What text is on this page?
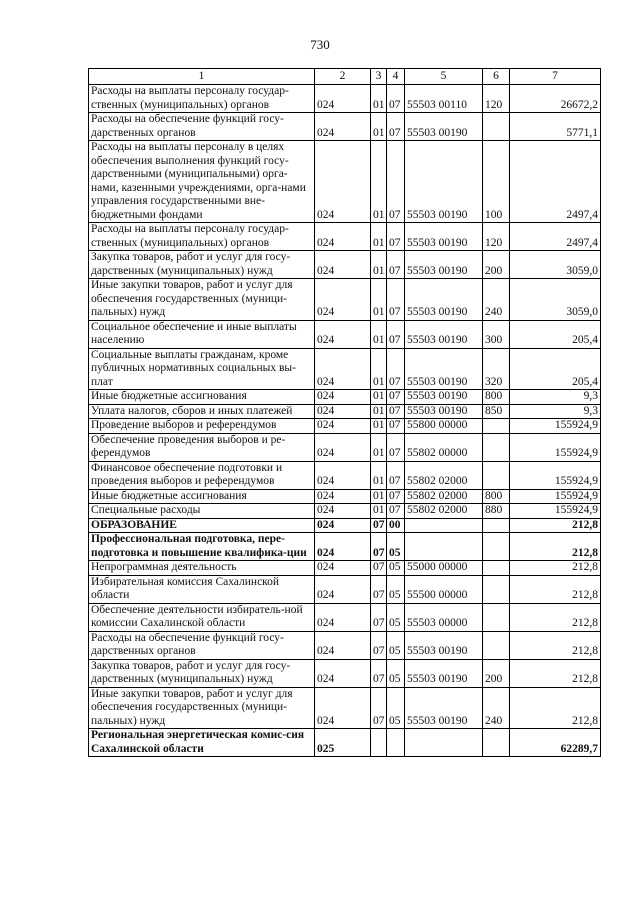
730
1	2	3	4	5	6	7
Расходы на выплаты персоналу государ-ственных (муниципальных) органов	024	01	07	55503 00110	120	26672,2
Расходы на обеспечение функций госу-дарственных органов	024	01	07	55503 00190		5771,1
Расходы на выплаты персоналу в целях обеспечения выполнения функций госу-дарственными (муниципальными) орга-нами, казенными учреждениями, орга-нами управления государственными вне-бюджетными фондами	024	01	07	55503 00190	100	2497,4
Расходы на выплаты персоналу государ-ственных (муниципальных) органов	024	01	07	55503 00190	120	2497,4
Закупка товаров, работ и услуг для госу-дарственных (муниципальных) нужд	024	01	07	55503 00190	200	3059,0
Иные закупки товаров, работ и услуг для обеспечения государственных (муници-пальных) нужд	024	01	07	55503 00190	240	3059,0
Социальное обеспечение и иные выплаты населению	024	01	07	55503 00190	300	205,4
Социальные выплаты гражданам, кроме публичных нормативных социальных вы-плат	024	01	07	55503 00190	320	205,4
Иные бюджетные ассигнования	024	01	07	55503 00190	800	9,3
Уплата налогов, сборов и иных платежей	024	01	07	55503 00190	850	9,3
Проведение выборов и референдумов	024	01	07	55800 00000		155924,9
Обеспечение проведения выборов и ре-ферендумов	024	01	07	55802 00000		155924,9
Финансовое обеспечение подготовки и проведения выборов и референдумов	024	01	07	55802 02000		155924,9
Иные бюджетные ассигнования	024	01	07	55802 02000	800	155924,9
Специальные расходы	024	01	07	55802 02000	880	155924,9
ОБРАЗОВАНИЕ	024	07	00			212,8
Профессиональная подготовка, пере-подготовка и повышение квалифика-ции	024	07	05			212,8
Непрограммная деятельность	024	07	05	55000 00000		212,8
Избирательная комиссия Сахалинской области	024	07	05	55500 00000		212,8
Обеспечение деятельности избиратель-ной комиссии Сахалинской области	024	07	05	55503 00000		212,8
Расходы на обеспечение функций госу-дарственных органов	024	07	05	55503 00190		212,8
Закупка товаров, работ и услуг для госу-дарственных (муниципальных) нужд	024	07	05	55503 00190	200	212,8
Иные закупки товаров, работ и услуг для обеспечения государственных (муници-пальных) нужд	024	07	05	55503 00190	240	212,8
Региональная энергетическая комис-сия Сахалинской области	025					62289,7
